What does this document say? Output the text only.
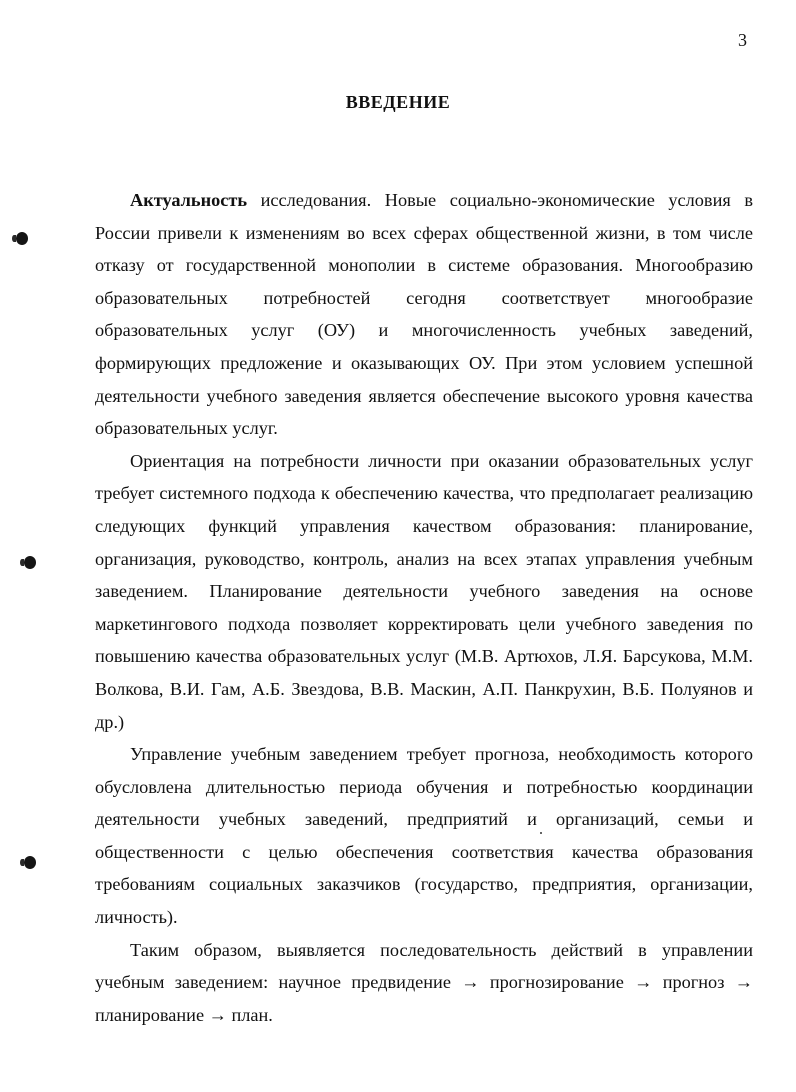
3
ВВЕДЕНИЕ

Актуальность исследования. Новые социально-экономические условия в России привели к изменениям во всех сферах общественной жизни, в том числе отказу от государственной монополии в системе образования. Многообразию образовательных потребностей сегодня соответствует многообразие образовательных услуг (ОУ) и многочисленность учебных заведений, формирующих предложение и оказывающих ОУ. При этом условием успешной деятельности учебного заведения является обеспечение высокого уровня качества образовательных услуг.

Ориентация на потребности личности при оказании образовательных услуг требует системного подхода к обеспечению качества, что предполагает реализацию следующих функций управления качеством образования: планирование, организация, руководство, контроль, анализ на всех этапах управления учебным заведением. Планирование деятельности учебного заведения на основе маркетингового подхода позволяет корректировать цели учебного заведения по повышению качества образовательных услуг (М.В. Артюхов, Л.Я. Барсукова, М.М. Волкова, В.И. Гам, А.Б. Звездова, В.В. Маскин, А.П. Панкрухин, В.Б. Полуянов и др.)

Управление учебным заведением требует прогноза, необходимость которого обусловлена длительностью периода обучения и потребностью координации деятельности учебных заведений, предприятий и организаций, семьи и общественности с целью обеспечения соответствия качества образования требованиям социальных заказчиков (государство, предприятия, организации, личность).

Таким образом, выявляется последовательность действий в управлении учебным заведением: научное предвидение → прогнозирование → прогноз → планирование → план.
